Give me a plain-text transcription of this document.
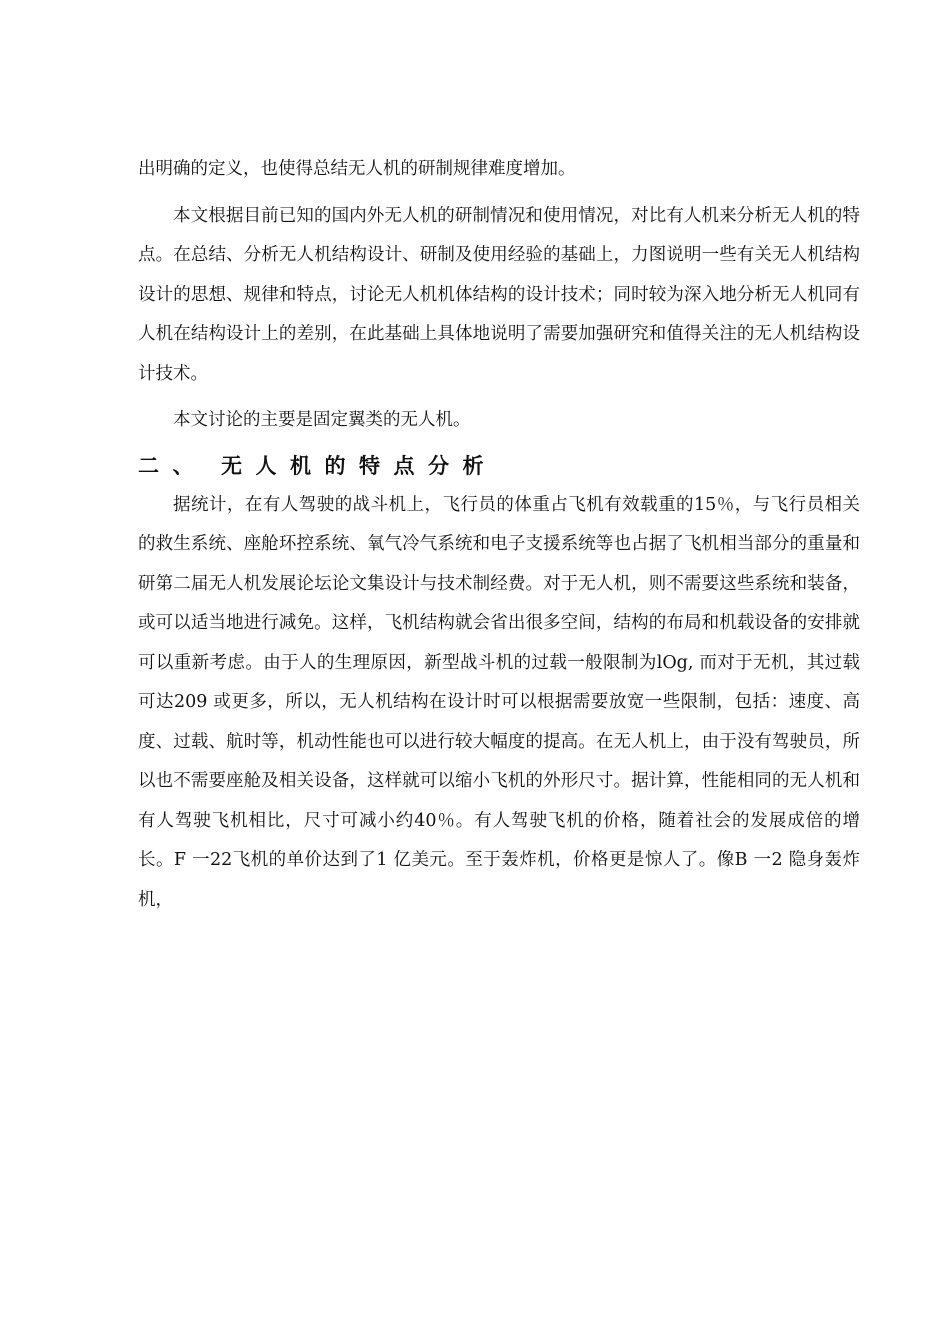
出明确的定义，也使得总结无人机的研制规律难度增加。

本文根据目前已知的国内外无人机的研制情况和使用情况，对比有人机来分析无人机的特点。在总结、分析无人机结构设计、研制及使用经验的基础上，力图说明一些有关无人机结构设计的思想、规律和特点，讨论无人机机体结构的设计技术；同时较为深入地分析无人机同有人机在结构设计上的差别，在此基础上具体地说明了需要加强研究和值得关注的无人机结构设计技术。

本文讨论的主要是固定翼类的无人机。

二、 无人机的特点分析

据统计，在有人驾驶的战斗机上，飞行员的体重占飞机有效载重的15％，与飞行员相关的救生系统、座舱环控系统、氧气冷气系统和电子支援系统等也占据了飞机相当部分的重量和研第二届无人机发展论坛论文集设计与技术制经费。对于无人机，则不需要这些系统和装备，或可以适当地进行减免。这样，飞机结构就会省出很多空间，结构的布局和机载设备的安排就可以重新考虑。由于人的生理原因，新型战斗机的过载一般限制为lOg, 而对于无机，其过载可达209 或更多，所以，无人机结构在设计时可以根据需要放宽一些限制，包括：速度、高度、过载、航时等，机动性能也可以进行较大幅度的提高。在无人机上，由于没有驾驶员，所以也不需要座舱及相关设备，这样就可以缩小飞机的外形尺寸。据计算，性能相同的无人机和有人驾驶飞机相比，尺寸可减小约40％。有人驾驶飞机的价格，随着社会的发展成倍的增长。F 一22飞机的单价达到了1 亿美元。至于轰炸机，价格更是惊人了。像B 一2 隐身轰炸机，
